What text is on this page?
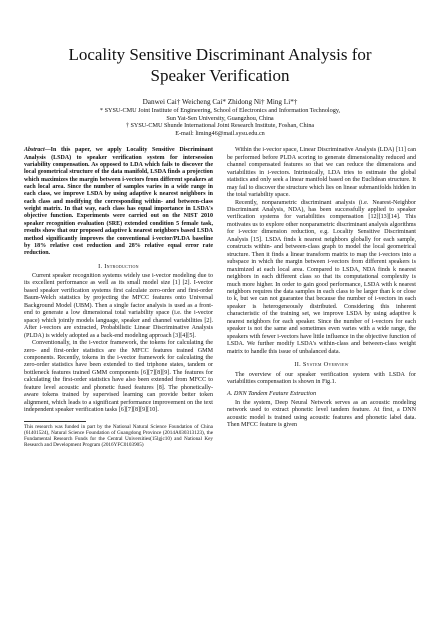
Locality Sensitive Discriminant Analysis for
Speaker Verification
Danwei Cai† Weicheng Cai* Zhidong Ni† Ming Li*†
* SYSU-CMU Joint Institute of Engineering, School of Electronics and Information Technology,
Sun Yat-Sen University, Guangzhou, China
† SYSU-CMU Shunde International Joint Research Institute, Foshan, China
E-mail: liming46@mail.sysu.edu.cn
Abstract—In this paper, we apply Locality Sensitive Discriminant Analysis (LSDA) to speaker verification system for intersession variability compensation. As opposed to LDA which fails to discover the local geometrical structure of the data manifold, LSDA finds a projection which maximizes the margin between i-vectors from different speakers at each local area. Since the number of samples varies in a wide range in each class, we improve LSDA by using adaptive k nearest neighbors in each class and modifying the corresponding within- and between-class weight matrix. In that way, each class has equal importance in LSDA's objective function. Experiments were carried out on the NIST 2010 speaker recognition evaluation (SRE) extended condition 5 female task, results show that our proposed adaptive k nearest neighbors based LSDA method significantly improves the conventional i-vector/PLDA baseline by 18% relative cost reduction and 28% relative equal error rate reduction.
I. Introduction

Current speaker recognition systems widely use i-vector modeling due to its excellent performance as well as its small model size [1] [2]. I-vector based speaker verification systems first calculate zero-order and first-order Baum-Welch statistics by projecting the MFCC features onto Universal Background Model (UBM). Then a single factor analysis is used as a front-end to generate a low dimensional total variability space (i.e. the i-vector space) which jointly models language, speaker and channel variabilities [2]. After i-vectors are extracted, Probabilistic Linear Discriminative Analysis (PLDA) is widely adopted as a back-end modeling approach [3][4][5].

Conventionally, in the i-vector framework, the tokens for calculating the zero- and first-order statistics are the MFCC features trained GMM components. Recently, tokens in the i-vector framework for calculating the zero-order statistics have been extended to tied triphone states, tandem or bottleneck features trained GMM components [6][7][8][9]. The features for calculating the first-order statistics have also been extended from MFCC to feature level acoustic and phonetic fused features [8]. The phonetically-aware tokens trained by supervised learning can provide better token alignment, which leads to a significant performance improvement on the text independent speaker verification tasks [6][7][8][9][10].

This research was funded in part by the National Natural Science Foundation of China (61401524), Natural Science Foundation of Guangdong Province (2014A030313123), the Fundamental Research Funds for the Central Universities(15lgjc10) and National Key Research and Development Program (2016YFC0103905)

Within the i-vector space, Linear Discriminative Analysis (LDA) [11] can be performed before PLDA scoring to generate dimensionality reduced and channel compensated features so that we can reduce the dimensions and variabilities in i-vectors. Intrinsically, LDA tries to estimate the global statistics and only seek a linear manifold based on the Euclidean structure. It may fail to discover the structure which lies on linear submanifolds hidden in the total variability space.

Recently, nonparametric discriminant analysis (i.e. Nearest-Neighbor Discriminant Analysis, NDA), has been successfully applied to speaker verification systems for variabilities compensation [12][13][14]. This motivates us to explore other nonparametric discriminant analysis algorithms for i-vector dimension reduction, e.g. Locality Sensitive Discriminant Analysis [15]. LSDA finds k nearest neighbors globally for each sample, constructs within- and between-class graph to model the local geometrical structure. Then it finds a linear transform matrix to map the i-vectors into a subspace in which the margin between i-vectors from different speakers is maximized at each local area. Compared to LSDA, NDA finds k nearest neighbors in each different class so that its computational complexity is much more higher. In order to gain good performance, LSDA with k nearest neighbors requires the data samples in each class to be larger than k or close to k, but we can not guarantee that because the number of i-vectors in each speaker is heterogeneously distributed. Considering this inherent characteristic of the training set, we improve LSDA by using adaptive k nearest neighbors for each speaker. Since the number of i-vectors for each speaker is not the same and sometimes even varies with a wide range, the speakers with fewer i-vectors have little influence in the objective function of LSDA. We further modify LSDA's within-class and between-class weight matrix to handle this issue of unbalanced data.

II. System Overview

The overview of our speaker verification system with LSDA for variabilities compensation is shown in Fig.1.

A. DNN Tandem Feature Extraction

In the system, Deep Neural Network serves as an acoustic modeling network used to extract phonetic level tandem feature. At first, a DNN acoustic model is trained using acoustic features and phonetic label data. Then MFCC feature is given
